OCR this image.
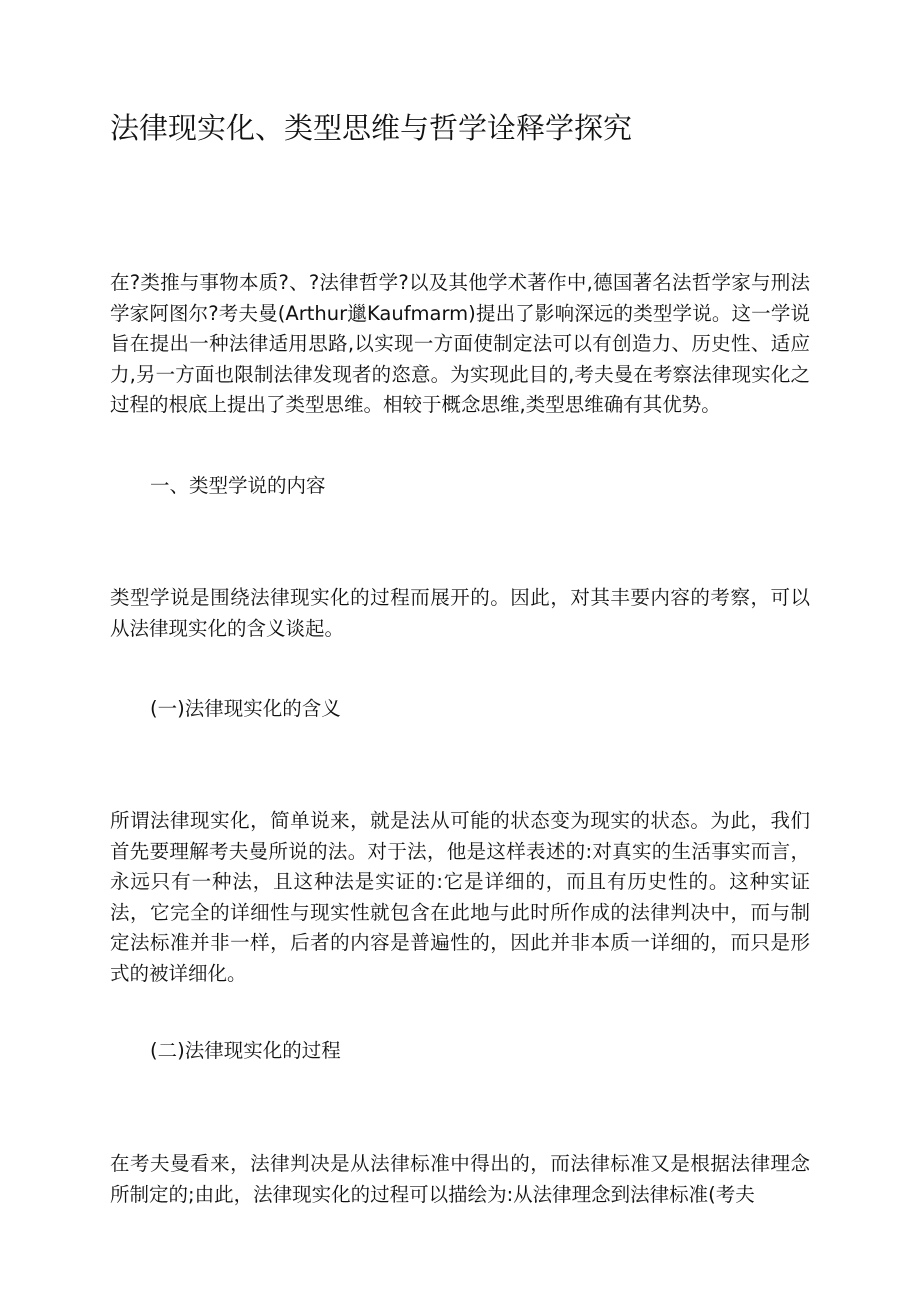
法律现实化、类型思维与哲学诠释学探究

在?类推与事物本质?、?法律哲学?以及其他学术著作中,德国著名法哲学家与刑法学家阿图尔?考夫曼(Arthur邋Kaufmarm)提出了影响深远的类型学说。这一学说旨在提出一种法律适用思路,以实现一方面使制定法可以有创造力、历史性、适应力,另一方面也限制法律发现者的恣意。为实现此目的,考夫曼在考察法律现实化之过程的根底上提出了类型思维。相较于概念思维,类型思维确有其优势。

一、类型学说的内容

类型学说是围绕法律现实化的过程而展开的。因此，对其丰要内容的考察，可以从法律现实化的含义谈起。

(一)法律现实化的含义

所谓法律现实化，简单说来，就是法从可能的状态变为现实的状态。为此，我们首先要理解考夫曼所说的法。对于法，他是这样表述的:对真实的生活事实而言，永远只有一种法，且这种法是实证的:它是详细的，而且有历史性的。这种实证法，它完全的详细性与现实性就包含在此地与此时所作成的法律判决中，而与制定法标准并非一样，后者的内容是普遍性的，因此并非本质一详细的，而只是形式的被详细化。

(二)法律现实化的过程

在考夫曼看来，法律判决是从法律标准中得出的，而法律标准又是根据法律理念所制定的;由此，法律现实化的过程可以描绘为:从法律理念到法律标准(考夫
